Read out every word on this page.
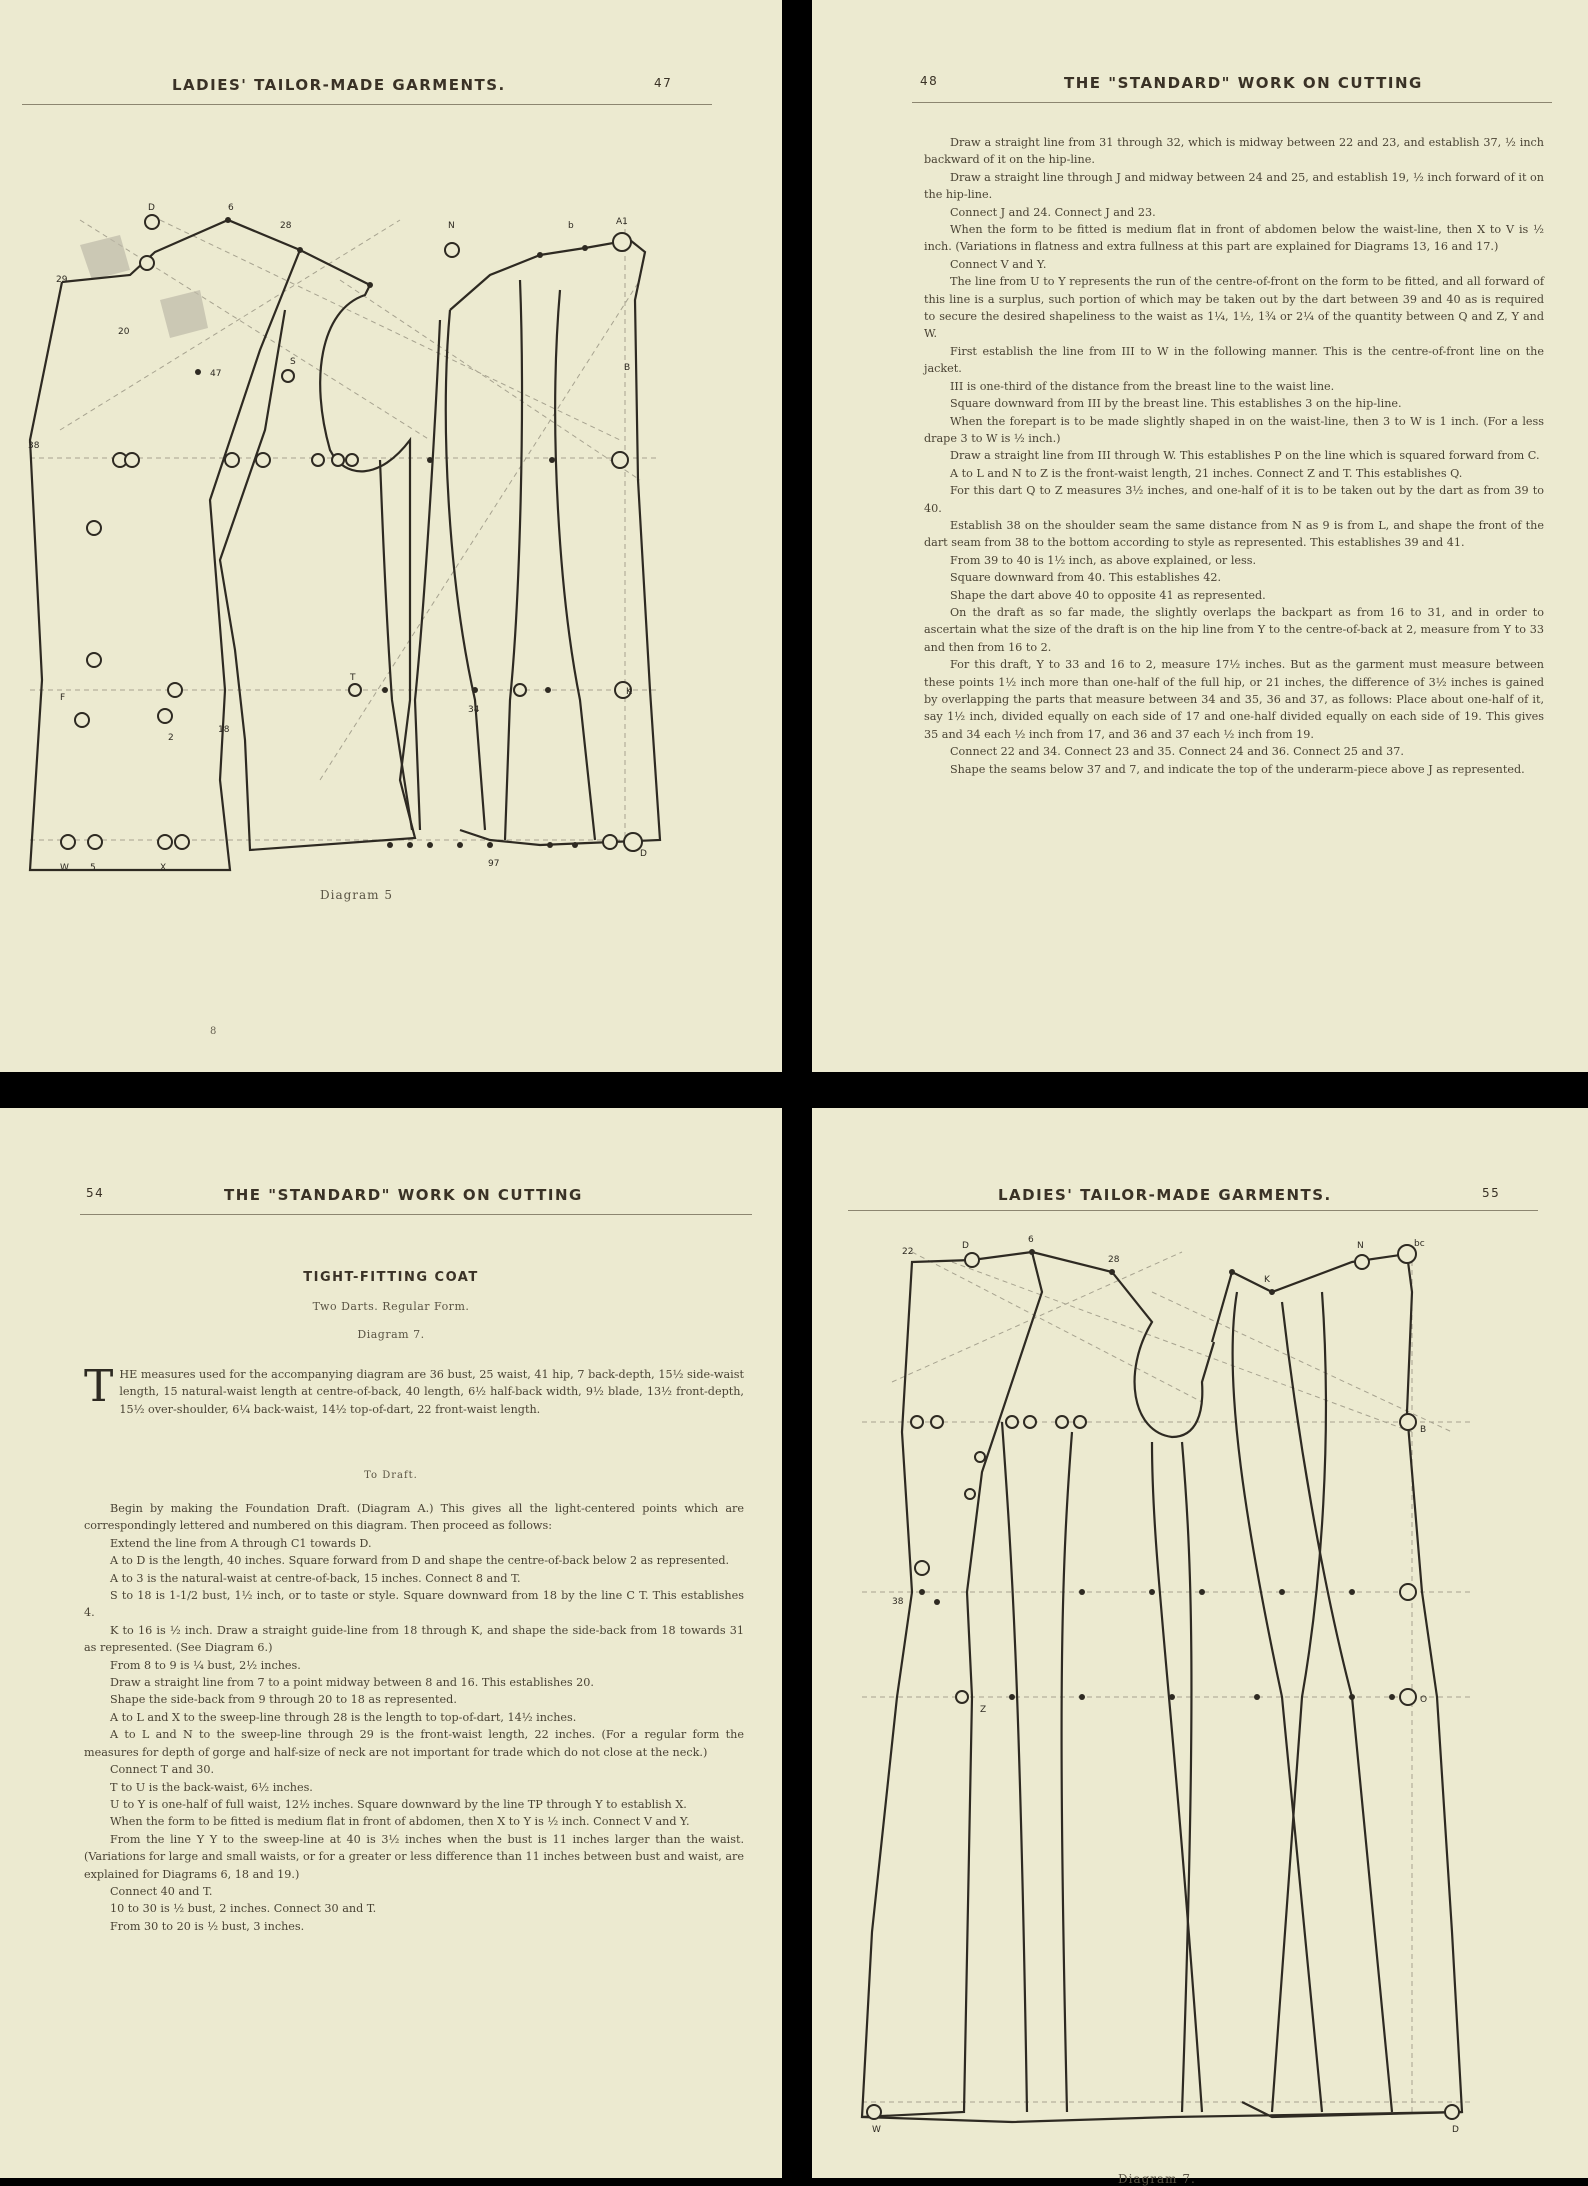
LADIES' TAILOR-MADE GARMENTS.	47
D	6
28	N	b	A1
29
20
47
S
38
B
2
18
F
W 5	X	97
D
T
34
K
Diagram 5
8
48	THE "STANDARD" WORK ON CUTTING

Draw a straight line from 31 through 32, which is midway between 22 and 23, and establish 37, ½ inch backward of it on the hip-line.

Draw a straight line through J and midway between 24 and 25, and establish 19, ½ inch forward of it on the hip-line.

Connect J and 24. Connect J and 23.

When the form to be fitted is medium flat in front of abdomen below the waist-line, then X to V is ½ inch. (Variations in flatness and extra fullness at this part are explained for Diagrams 13, 16 and 17.)

Connect V and Y.

The line from U to Y represents the run of the centre-of-front on the form to be fitted, and all forward of this line is a surplus, such portion of which may be taken out by the dart between 39 and 40 as is required to secure the desired shapeliness to the waist as 1¼, 1½, 1¾ or 2¼ of the quantity between Q and Z, Y and W.

First establish the line from III to W in the following manner. This is the centre-of-front line on the jacket.

III is one-third of the distance from the breast line to the waist line.

Square downward from III by the breast line. This establishes 3 on the hip-line.

When the forepart is to be made slightly shaped in on the waist-line, then 3 to W is 1 inch. (For a less drape 3 to W is ½ inch.)

Draw a straight line from III through W. This establishes P on the line which is squared forward from C.

A to L and N to Z is the front-waist length, 21 inches. Connect Z and T. This establishes Q.

For this dart Q to Z measures 3½ inches, and one-half of it is to be taken out by the dart as from 39 to 40.

Establish 38 on the shoulder seam the same distance from N as 9 is from L, and shape the front of the dart seam from 38 to the bottom according to style as represented. This establishes 39 and 41.

From 39 to 40 is 1½ inch, as above explained, or less.

Square downward from 40. This establishes 42.

Shape the dart above 40 to opposite 41 as represented.

On the draft as so far made, the slightly overlaps the backpart as from 16 to 31, and in order to ascertain what the size of the draft is on the hip line from Y to the centre-of-back at 2, measure from Y to 33 and then from 16 to 2.

For this draft, Y to 33 and 16 to 2, measure 17½ inches. But as the garment must measure between these points 1½ inch more than one-half of the full hip, or 21 inches, the difference of 3½ inches is gained by overlapping the parts that measure between 34 and 35, 36 and 37, as follows: Place about one-half of it, say 1½ inch, divided equally on each side of 17 and one-half divided equally on each side of 19. This gives 35 and 34 each ½ inch from 17, and 36 and 37 each ½ inch from 19.

Connect 22 and 34. Connect 23 and 35. Connect 24 and 36. Connect 25 and 37.

Shape the seams below 37 and 7, and indicate the top of the underarm-piece above J as represented.

54	THE "STANDARD" WORK ON CUTTING
TIGHT-FITTING COAT
Two Darts. Regular Form.
Diagram 7.

THE measures used for the accompanying diagram are 36 bust, 25 waist, 41 hip, 7 back-depth, 15½ side-waist length, 15 natural-waist length at centre-of-back, 40 length, 6½ half-back width, 9½ blade, 13½ front-depth, 15½ over-shoulder, 6¼ back-waist, 14½ top-of-dart, 22 front-waist length.

To Draft.

Begin by making the Foundation Draft. (Diagram A.) This gives all the light-centered points which are correspondingly lettered and numbered on this diagram. Then proceed as follows:

Extend the line from A through C1 towards D.

A to D is the length, 40 inches. Square forward from D and shape the centre-of-back below 2 as represented.

A to 3 is the natural-waist at centre-of-back, 15 inches. Connect 8 and T.

S to 18 is 1-1/2 bust, 1½ inch, or to taste or style. Square downward from 18 by the line C T. This establishes 4.

K to 16 is ½ inch. Draw a straight guide-line from 18 through K, and shape the side-back from 18 towards 31 as represented. (See Diagram 6.)

From 8 to 9 is ¼ bust, 2½ inches.

Draw a straight line from 7 to a point midway between 8 and 16. This establishes 20.

Shape the side-back from 9 through 20 to 18 as represented.

A to L and X to the sweep-line through 28 is the length to top-of-dart, 14½ inches.

A to L and N to the sweep-line through 29 is the front-waist length, 22 inches. (For a regular form the measures for depth of gorge and half-size of neck are not important for trade which do not close at the neck.)

Connect T and 30.

T to U is the back-waist, 6½ inches.

U to Y is one-half of full waist, 12½ inches. Square downward by the line TP through Y to establish X.

When the form to be fitted is medium flat in front of abdomen, then X to Y is ½ inch. Connect V and Y.

From the line Y Y to the sweep-line at 40 is 3½ inches when the bust is 11 inches larger than the waist. (Variations for large and small waists, or for a greater or less difference than 11 inches between bust and waist, are explained for Diagrams 6, 18 and 19.)

Connect 40 and T.

10 to 30 is ½ bust, 2 inches. Connect 30 and T.

From 30 to 20 is ½ bust, 3 inches.

LADIES' TAILOR-MADE GARMENTS.	55
D
6
22
N	bc
28
K
38
Z
B
O
W	D
Diagram 7.
